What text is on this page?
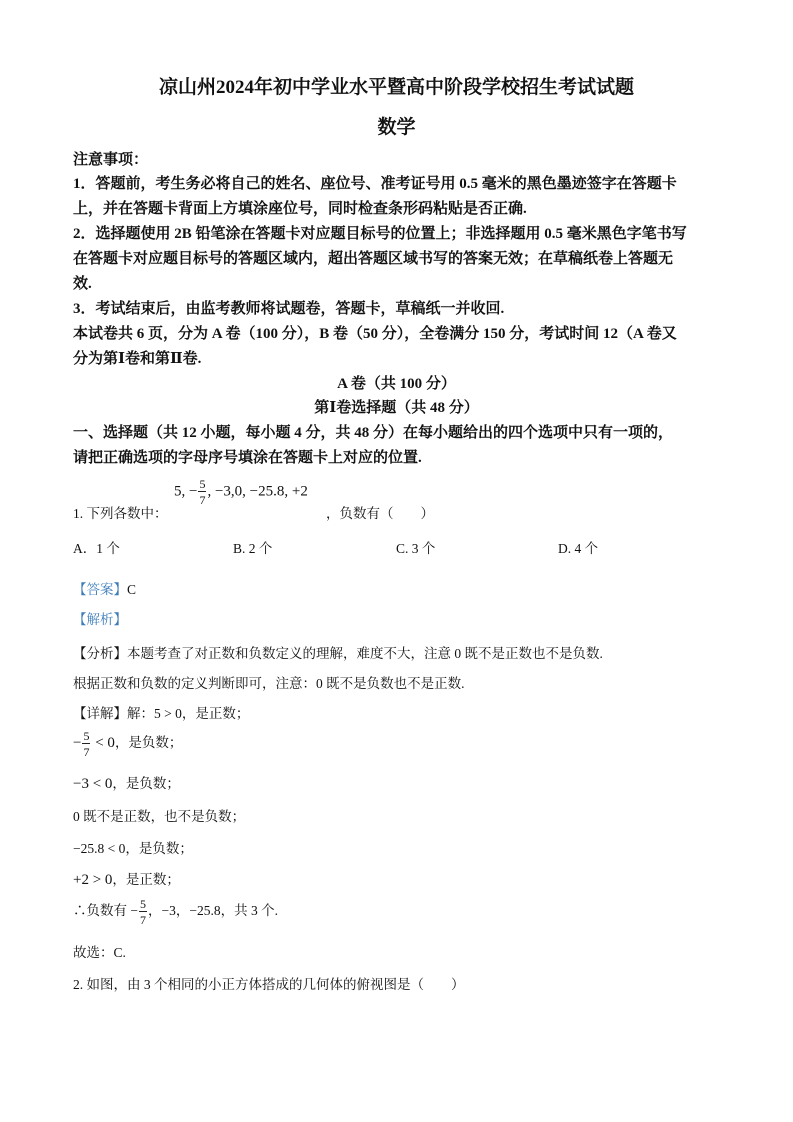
凉山州2024年初中学业水平暨高中阶段学校招生考试试题
数学
注意事项：
1．答题前，考生务必将自己的姓名、座位号、准考证号用 0.5 毫米的黑色墨迹签字在答题卡
上，并在答题卡背面上方填涂座位号，同时检查条形码粘贴是否正确.
2．选择题使用 2B 铅笔涂在答题卡对应题目标号的位置上；非选择题用 0.5 毫米黑色字笔书写
在答题卡对应题目标号的答题区域内，超出答题区域书写的答案无效；在草稿纸卷上答题无
效.
3．考试结束后，由监考教师将试题卷，答题卡，草稿纸一并收回.
本试卷共 6 页，分为 A 卷（100 分），B 卷（50 分），全卷满分 150 分，考试时间 12（A 卷又
分为第Ⅰ卷和第Ⅱ卷.
A 卷（共 100 分）
第Ⅰ卷选择题（共 48 分）
一、选择题（共 12 小题，每小题 4 分，共 48 分）在每小题给出的四个选项中只有一项的，
请把正确选项的字母序号填涂在答题卡上对应的位置.
1. 下列各数中：
5, − $\frac{5}{7}$ , −3,0, −25.8, +2
，负数有（　　）
A．1 个	B. 2 个	C. 3 个	D. 4 个
【答案】C
【解析】
【分析】本题考查了对正数和负数定义的理解，难度不大，注意 0 既不是正数也不是负数.
根据正数和负数的定义判断即可，注意：0 既不是负数也不是正数.
【详解】解：5 > 0，是正数；
− $\frac{5}{7} < 0$，是负数；
−3 < 0，是负数；
0 既不是正数，也不是负数；
−25.8 < 0，是负数；
+2 > 0，是正数；
∴负数有 − $\frac{5}{7}$ ，−3，−25.8，共 3 个.
故选：C.
2. 如图，由 3 个相同的小正方体搭成的几何体的俯视图是（　　）
